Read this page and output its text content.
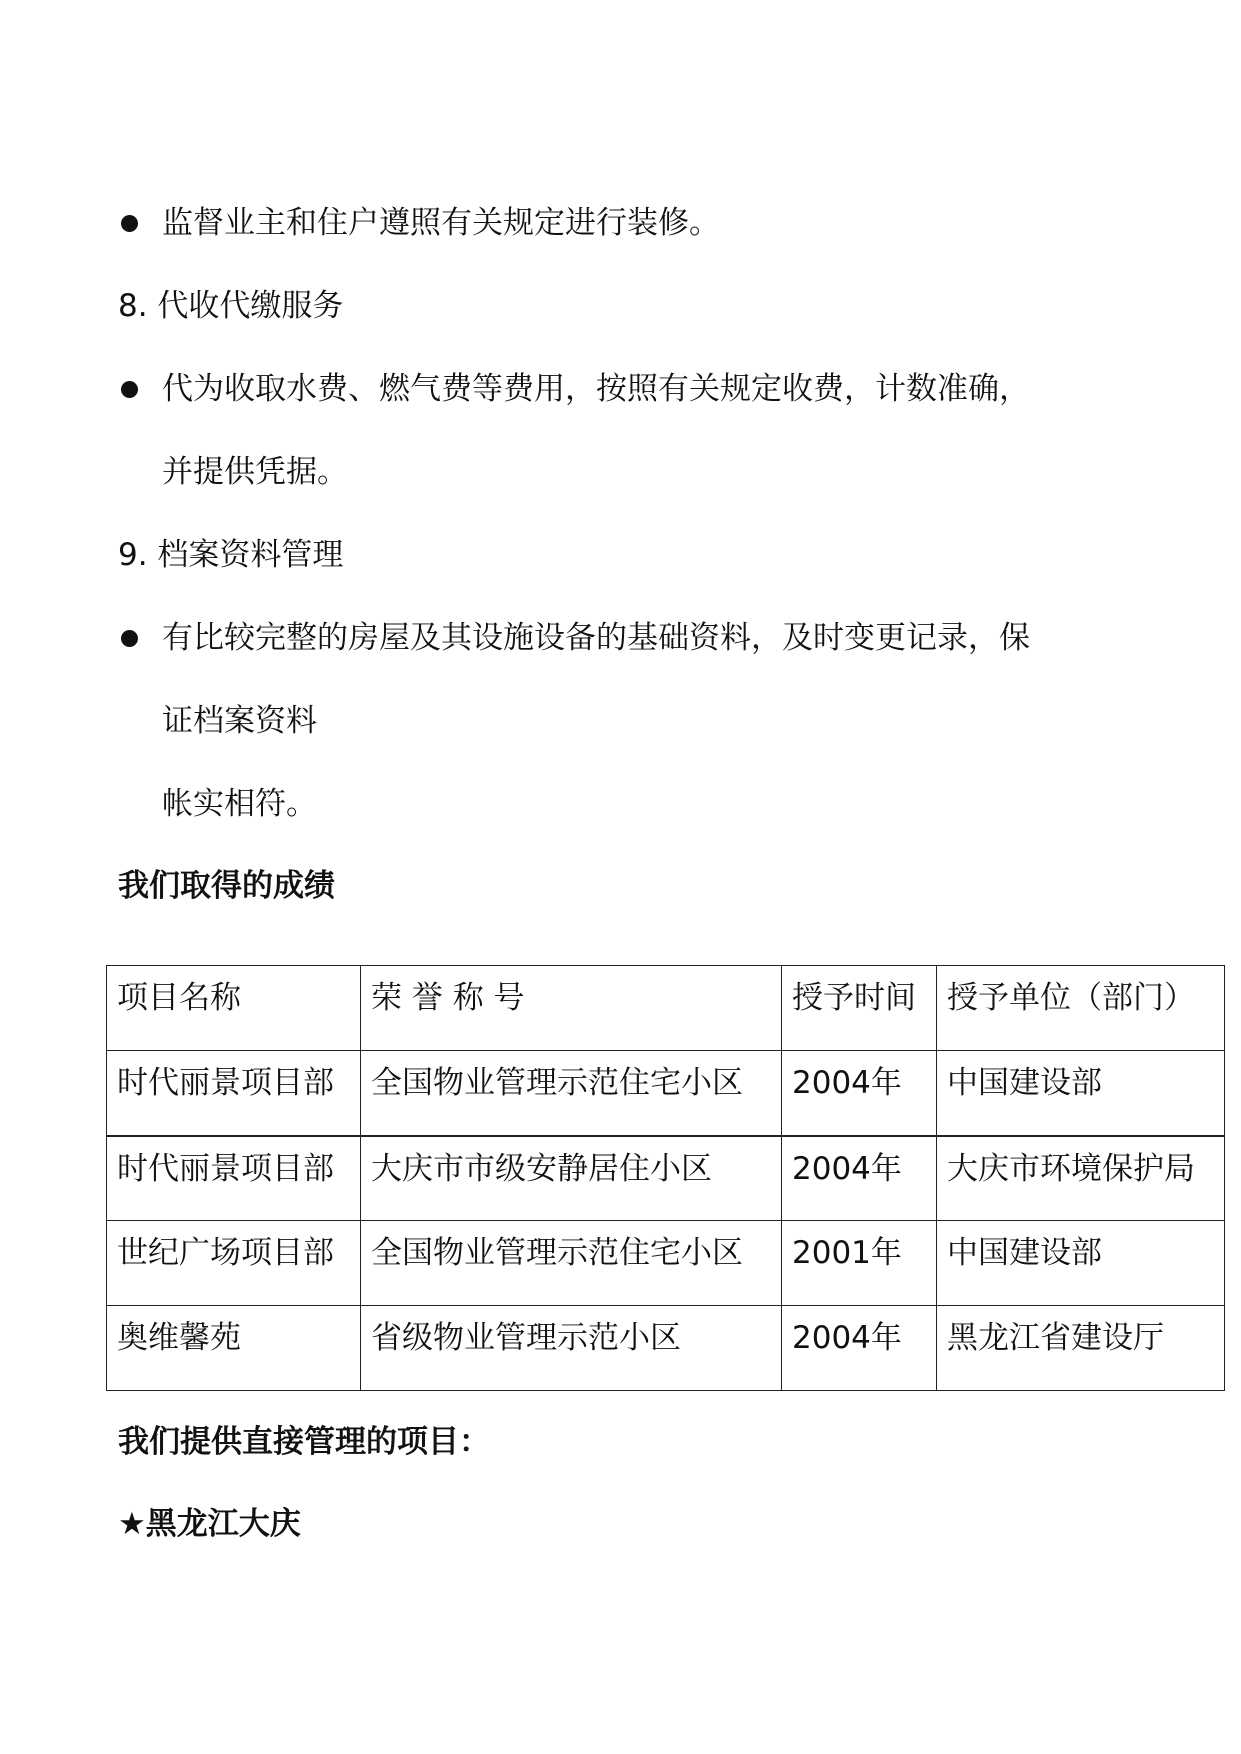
监督业主和住户遵照有关规定进行装修。
8. 代收代缴服务
代为收取水费、燃气费等费用，按照有关规定收费，计数准确，
并提供凭据。
9. 档案资料管理
有比较完整的房屋及其设施设备的基础资料，及时变更记录，保
证档案资料
帐实相符。
我们取得的成绩
项目名称	荣 誉 称 号	授予时间	授予单位（部门）
时代丽景项目部	全国物业管理示范住宅小区	2004年	中国建设部
时代丽景项目部	大庆市市级安静居住小区	2004年	大庆市环境保护局
世纪广场项目部	全国物业管理示范住宅小区	2001年	中国建设部
奥维馨苑	省级物业管理示范小区	2004年	黑龙江省建设厅
我们提供直接管理的项目：
★黑龙江大庆
